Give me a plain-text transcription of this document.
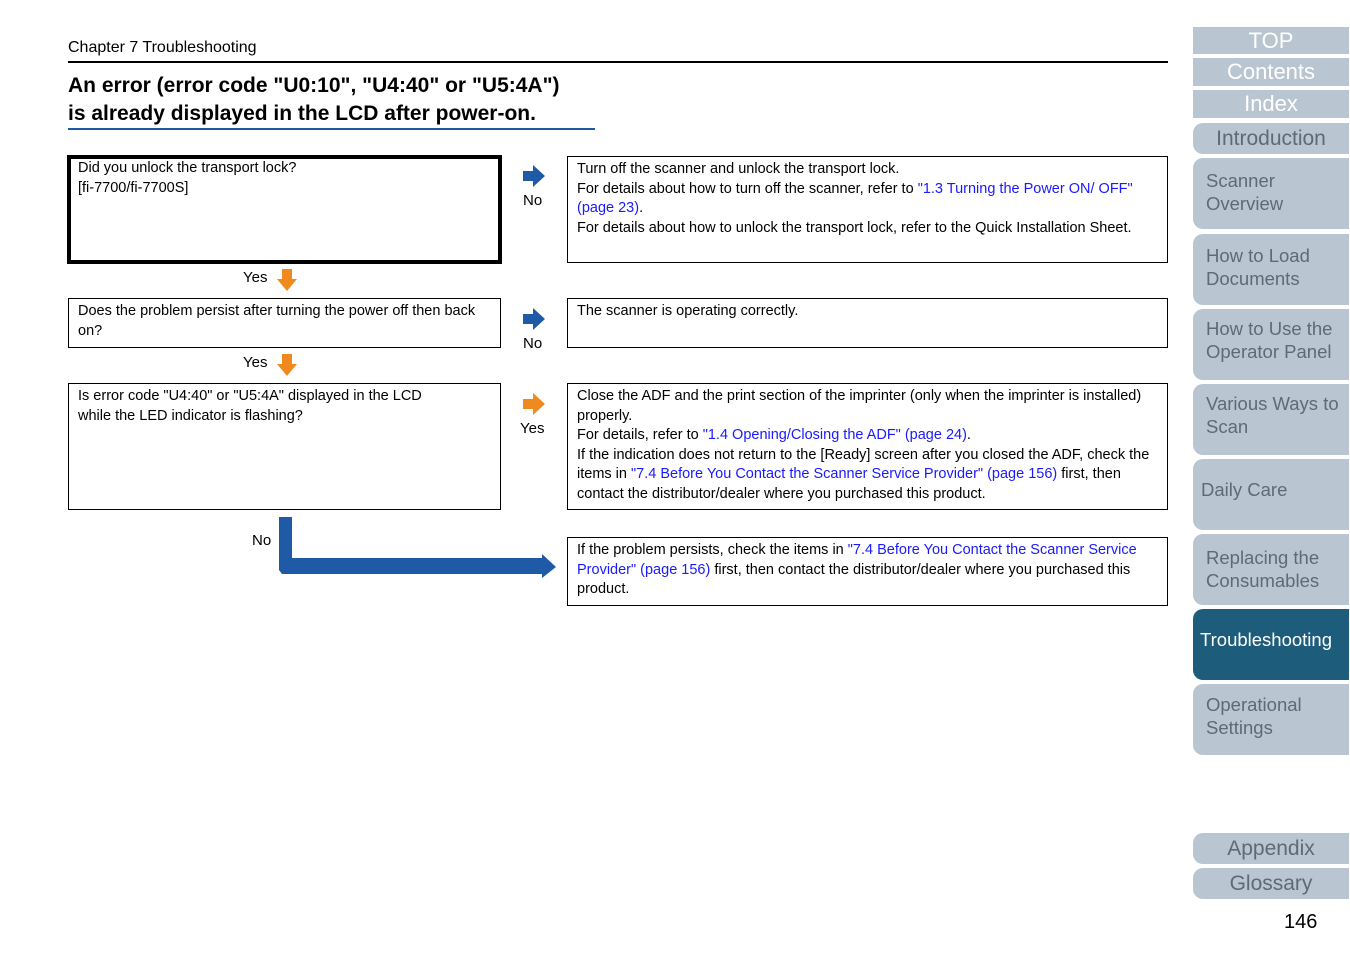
Chapter 7 Troubleshooting
An error (error code "U0:10", "U4:40" or "U5:4A")
is already displayed in the LCD after power-on.
Did you unlock the transport lock?
[fi-7700/fi-7700S]
Turn off the scanner and unlock the transport lock.
For details about how to turn off the scanner, refer to "1.3 Turning the Power ON/ OFF" (page 23).
For details about how to unlock the transport lock, refer to the Quick Installation Sheet.
No
Yes
Does the problem persist after turning the power off then back on?
The scanner is operating correctly.
No
Yes
Is error code "U4:40" or "U5:4A" displayed in the LCD
while the LED indicator is flashing?
Close the ADF and the print section of the imprinter (only when the imprinter is installed) properly.
For details, refer to "1.4 Opening/Closing the ADF" (page 24).
If the indication does not return to the [Ready] screen after you closed the ADF, check the items in "7.4 Before You Contact the Scanner Service Provider" (page 156) first, then contact the distributor/dealer where you purchased this product.
Yes
No
If the problem persists, check the items in "7.4 Before You Contact the Scanner Service Provider" (page 156) first, then contact the distributor/dealer where you purchased this product.
TOP
Contents
Index
Introduction
Scanner Overview
How to Load Documents
How to Use the Operator Panel
Various Ways to Scan
Daily Care
Replacing the Consumables
Troubleshooting
Operational Settings
Appendix
Glossary
146
